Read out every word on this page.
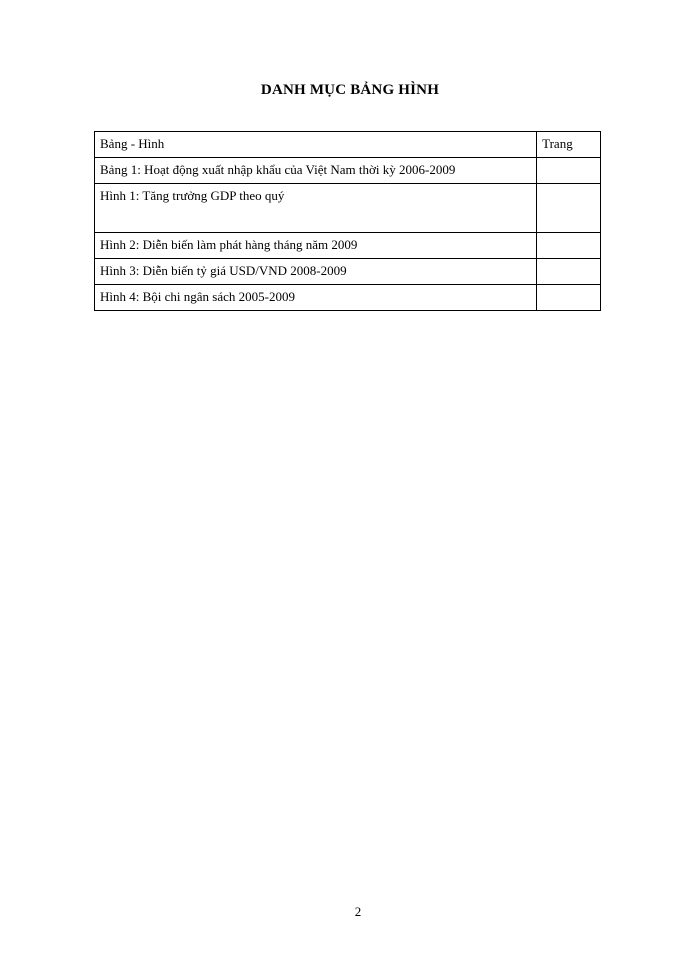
DANH MỤC BẢNG HÌNH
Bảng - Hình	Trang
Bảng 1: Hoạt động xuất nhập khẩu của Việt Nam thời kỳ 2006-2009	
Hình 1: Tăng trưởng GDP theo quý	
Hình 2: Diễn biến làm phát hàng tháng năm 2009	
Hình 3: Diễn biến tỷ giá USD/VND 2008-2009	
Hình 4: Bội chi ngân sách 2005-2009	
2
